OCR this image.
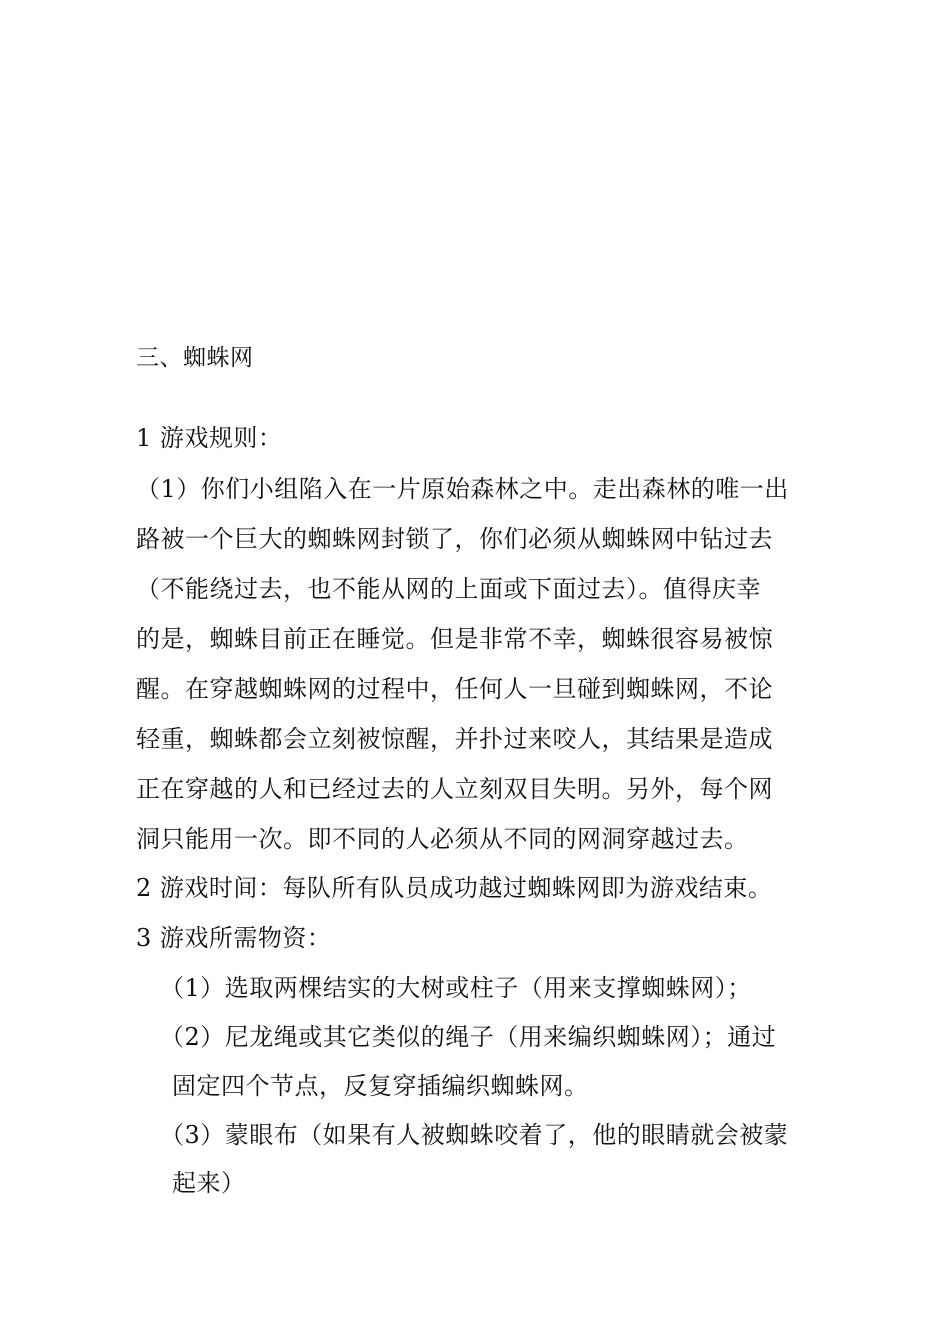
三、蜘蛛网
1 游戏规则：
（1）你们小组陷入在一片原始森林之中。走出森林的唯一出
路被一个巨大的蜘蛛网封锁了，你们必须从蜘蛛网中钻过去
（不能绕过去，也不能从网的上面或下面过去）。值得庆幸
的是，蜘蛛目前正在睡觉。但是非常不幸，蜘蛛很容易被惊
醒。在穿越蜘蛛网的过程中，任何人一旦碰到蜘蛛网，不论
轻重，蜘蛛都会立刻被惊醒，并扑过来咬人，其结果是造成
正在穿越的人和已经过去的人立刻双目失明。另外，每个网
洞只能用一次。即不同的人必须从不同的网洞穿越过去。
2 游戏时间：每队所有队员成功越过蜘蛛网即为游戏结束。
3 游戏所需物资：
（1）选取两棵结实的大树或柱子（用来支撑蜘蛛网）；
（2）尼龙绳或其它类似的绳子（用来编织蜘蛛网）；通过
固定四个节点，反复穿插编织蜘蛛网。
（3）蒙眼布（如果有人被蜘蛛咬着了，他的眼睛就会被蒙
起来）
